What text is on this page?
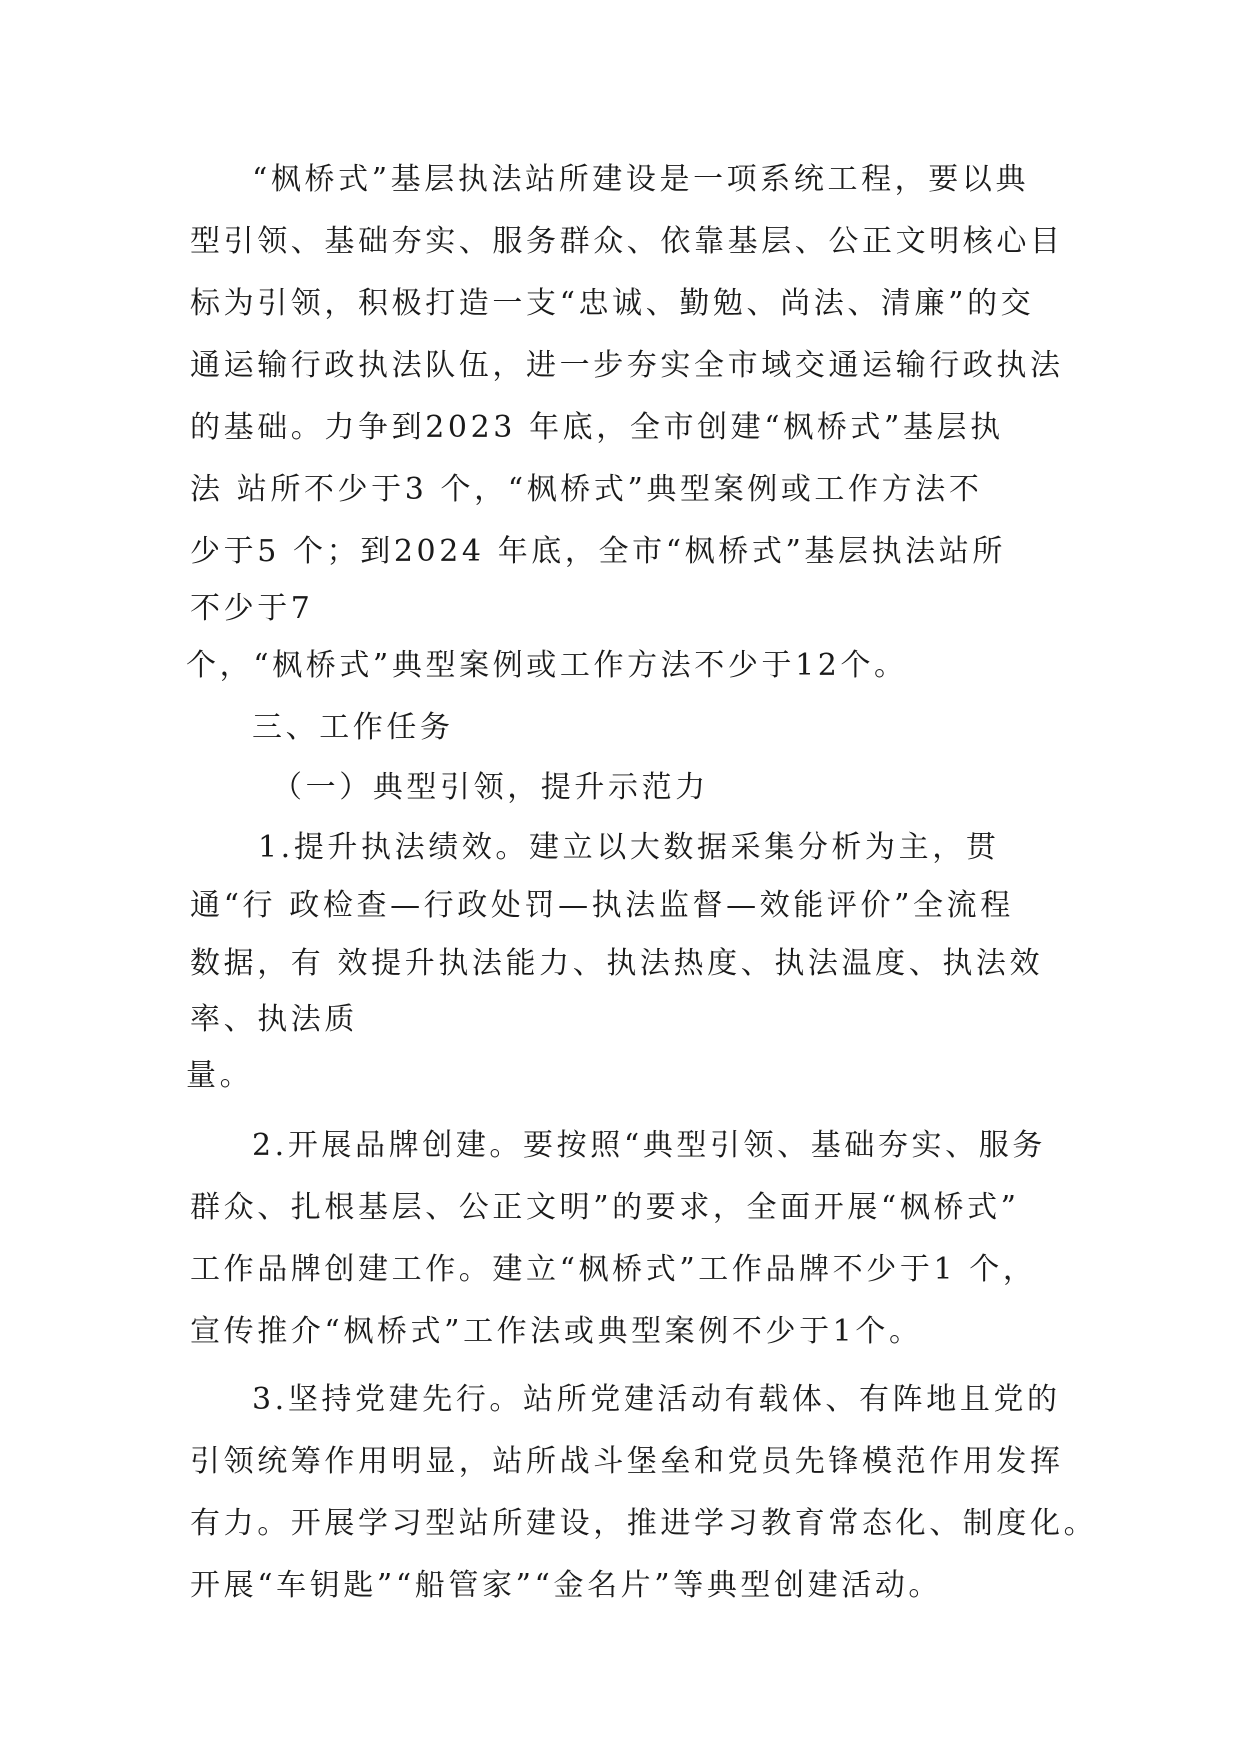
“枫桥式”基层执法站所建设是一项系统工程，要以典

型引领、基础夯实、服务群众、依靠基层、公正文明核心目

标为引领，积极打造一支“忠诚、勤勉、尚法、清廉”的交

通运输行政执法队伍，进一步夯实全市域交通运输行政执法

的基础。力争到2023 年底，全市创建“枫桥式”基层执

法 站所不少于3 个，“枫桥式”典型案例或工作方法不

少于5 个；到2024 年底，全市“枫桥式”基层执法站所

不少于7

个，“枫桥式”典型案例或工作方法不少于12个。

三、工作任务

（一）典型引领，提升示范力

1.提升执法绩效。建立以大数据采集分析为主，贯

通“行 政检查—行政处罚—执法监督—效能评价”全流程

数据，有 效提升执法能力、执法热度、执法温度、执法效

率、执法质

量。

2.开展品牌创建。要按照“典型引领、基础夯实、服务

群众、扎根基层、公正文明”的要求，全面开展“枫桥式”

工作品牌创建工作。建立“枫桥式”工作品牌不少于1 个，

宣传推介“枫桥式”工作法或典型案例不少于1个。

3.坚持党建先行。站所党建活动有载体、有阵地且党的

引领统筹作用明显，站所战斗堡垒和党员先锋模范作用发挥

有力。开展学习型站所建设，推进学习教育常态化、制度化。

开展“车钥匙”“船管家”“金名片”等典型创建活动。
